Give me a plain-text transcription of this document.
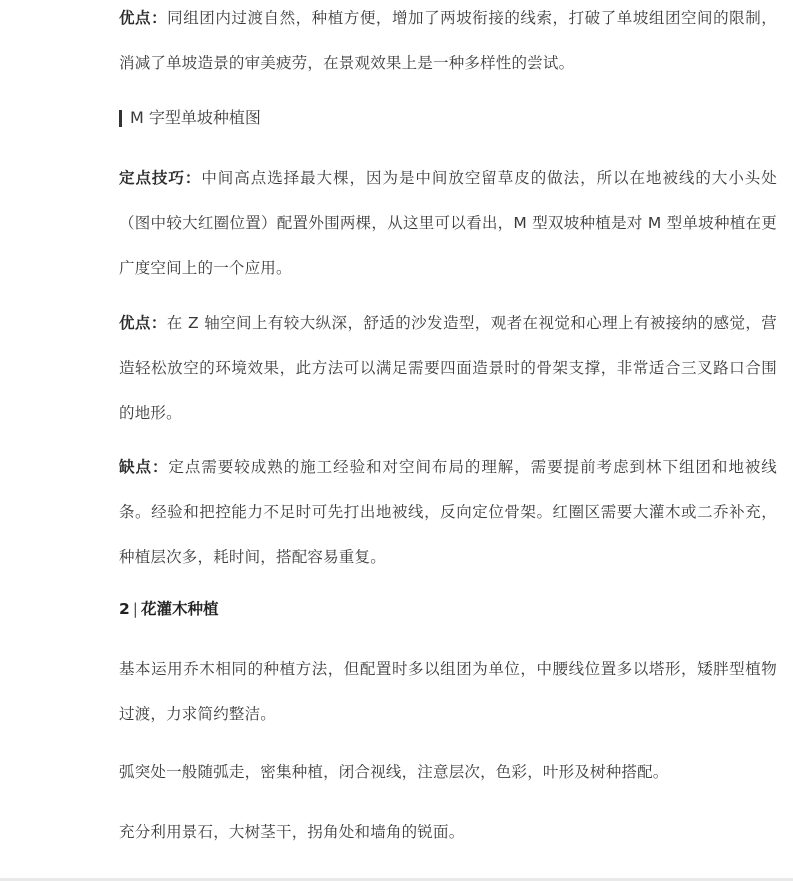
优点：同组团内过渡自然，种植方便，增加了两坡衔接的线索，打破了单坡组团空间的限制，消减了单坡造景的审美疲劳，在景观效果上是一种多样性的尝试。

M 字型单坡种植图

定点技巧：中间高点选择最大棵，因为是中间放空留草皮的做法，所以在地被线的大小头处（图中较大红圈位置）配置外围两棵，从这里可以看出，M 型双坡种植是对 M 型单坡种植在更广度空间上的一个应用。

优点：在 Z 轴空间上有较大纵深，舒适的沙发造型，观者在视觉和心理上有被接纳的感觉，营造轻松放空的环境效果，此方法可以满足需要四面造景时的骨架支撑，非常适合三叉路口合围的地形。

缺点：定点需要较成熟的施工经验和对空间布局的理解，需要提前考虑到林下组团和地被线条。经验和把控能力不足时可先打出地被线，反向定位骨架。红圈区需要大灌木或二乔补充，种植层次多，耗时间，搭配容易重复。

2 | 花灌木种植

基本运用乔木相同的种植方法，但配置时多以组团为单位，中腰线位置多以塔形，矮胖型植物过渡，力求简约整洁。

弧突处一般随弧走，密集种植，闭合视线，注意层次，色彩，叶形及树种搭配。

充分利用景石，大树茎干，拐角处和墙角的锐面。
